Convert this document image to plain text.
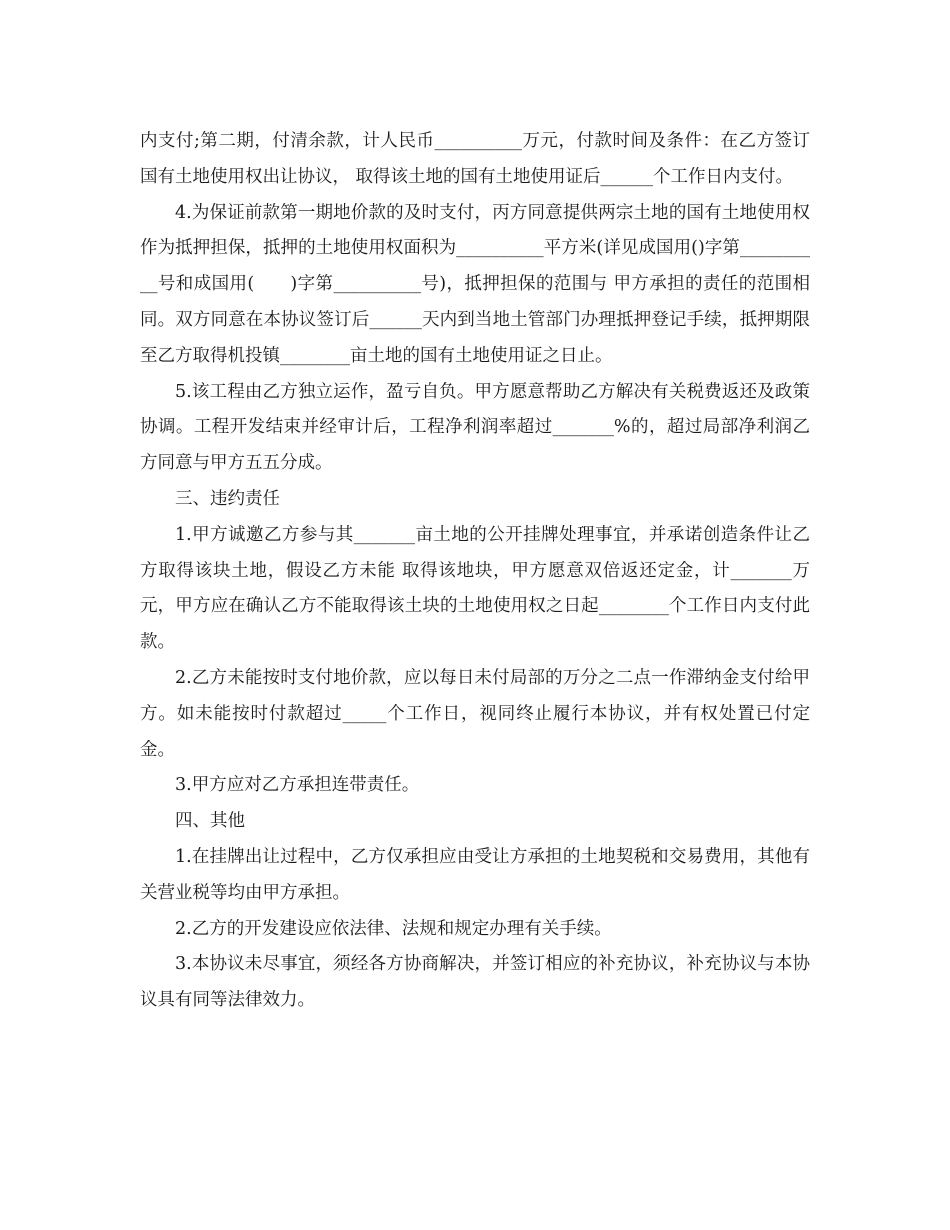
内支付;第二期，付清余款，计人民币__________万元，付款时间及条件：在乙方签订国有土地使用权出让协议， 取得该土地的国有土地使用证后______个工作日内支付。

4.为保证前款第一期地价款的及时支付，丙方同意提供两宗土地的国有土地使用权作为抵押担保，抵押的土地使用权面积为__________平方米(详见成国用()字第__________号和成国用(　　)字第__________号)，抵押担保的范围与 甲方承担的责任的范围相同。双方同意在本协议签订后______天内到当地土管部门办理抵押登记手续，抵押期限至乙方取得机投镇________亩土地的国有土地使用证之日止。

5.该工程由乙方独立运作，盈亏自负。甲方愿意帮助乙方解决有关税费返还及政策协调。工程开发结束并经审计后，工程净利润率超过_______%的，超过局部净利润乙方同意与甲方五五分成。

三、违约责任

1.甲方诚邀乙方参与其_______亩土地的公开挂牌处理事宜，并承诺创造条件让乙方取得该块土地，假设乙方未能 取得该地块，甲方愿意双倍返还定金，计_______万元，甲方应在确认乙方不能取得该土块的土地使用权之日起________个工作日内支付此款。

2.乙方未能按时支付地价款，应以每日未付局部的万分之二点一作滞纳金支付给甲方。如未能按时付款超过_____个工作日，视同终止履行本协议，并有权处置已付定金。

3.甲方应对乙方承担连带责任。

四、其他

1.在挂牌出让过程中，乙方仅承担应由受让方承担的土地契税和交易费用，其他有关营业税等均由甲方承担。

2.乙方的开发建设应依法律、法规和规定办理有关手续。

3.本协议未尽事宜，须经各方协商解决，并签订相应的补充协议，补充协议与本协议具有同等法律效力。
